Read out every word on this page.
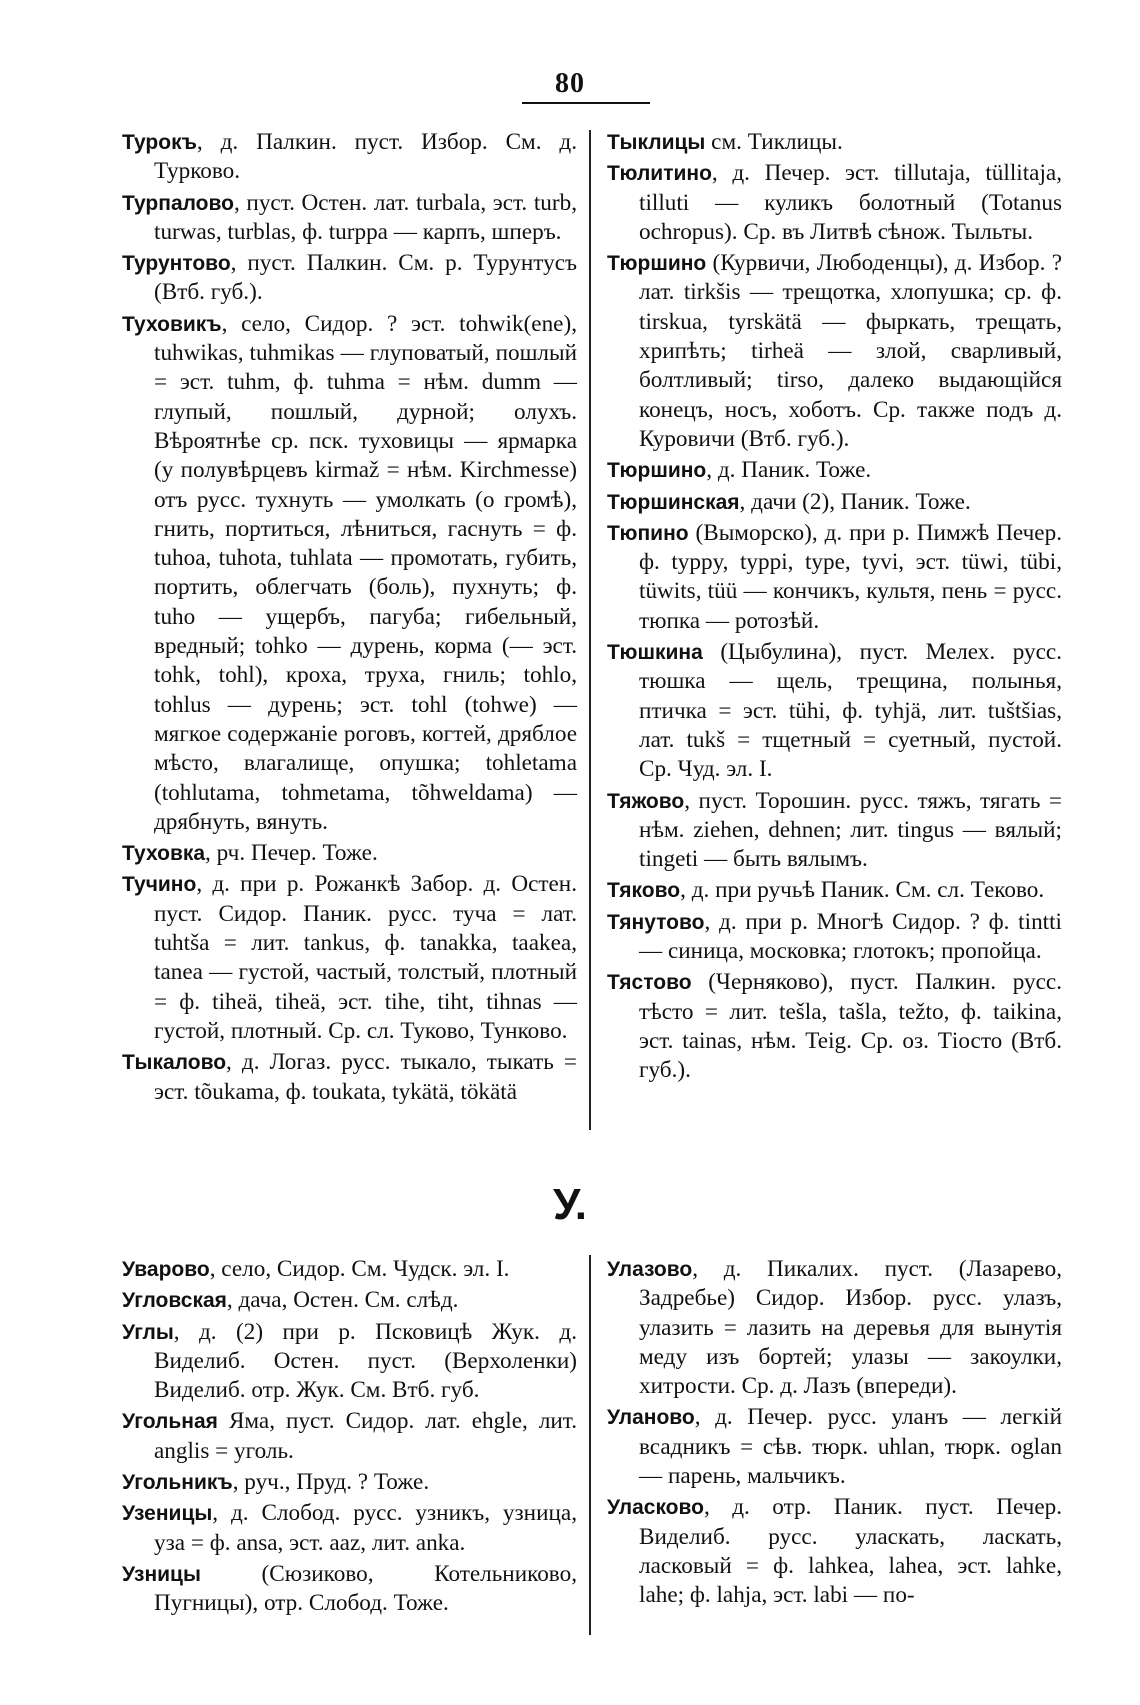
80

Турокъ, д. Палкин. пуст. Избор. См. д. Турково.

Турпалово, пуст. Остен. лат. turbala, эст. turb, turwas, turblas, ф. turppa — карпъ, шперъ.

Турунтово, пуст. Палкин. См. р. Турунтусъ (Втб. губ.).

Туховикъ, село, Сидор. ? эст. tohwik(ene), tuhwikas, tuhmikas — глуповатый, пошлый = эст. tuhm, ф. tuhma = нѣм. dumm — глупый, пошлый, дурной; олухъ. Вѣроятнѣе ср. пск. туховицы — ярмарка (у полувѣрцевъ kirmaž = нѣм. Kirchmesse) отъ русс. тухнуть — умолкать (о громѣ), гнить, портиться, лѣниться, гаснуть = ф. tuhoa, tuhota, tuhlata — промотать, губить, портить, облегчать (боль), пухнуть; ф. tuho — ущербъ, пагуба; гибельный, вредный; tohko — дурень, корма (— эст. tohk, tohl), кроха, труха, гниль; tohlo, tohlus — дурень; эст. tohl (tohwe) — мягкое содержанiе роговъ, когтей, дряблое мѣсто, влагалище, опушка; tohletama (tohlutama, tohmetama, tõhweldama) — дрябнуть, вянуть.

Туховка, рч. Печер. Тоже.

Тучино, д. при р. Рожанкѣ Забор. д. Остен. пуст. Сидор. Паник. русс. туча = лат. tuhtša = лит. tankus, ф. tanakka, taakea, tanea — густой, частый, толстый, плотный = ф. tiheä, tiheä, эст. tihe, tiht, tihnas — густой, плотный. Ср. сл. Туково, Тунково.

Тыкалово, д. Логаз. русс. тыкало, тыкать = эст. tõukama, ф. toukata, tykätä, tökätä

Тыклицы см. Тиклицы.

Тюлитино, д. Печер. эст. tillutaja, tüllitaja, tilluti — куликъ болотный (Totanus ochropus). Ср. въ Литвѣ сѣнож. Тыльты.

Тюршино (Курвичи, Любоденцы), д. Избор. ? лат. tirkšis — трещотка, хлопушка; ср. ф. tirskua, tyrskätä — фыркать, трещать, хрипѣть; tirheä — злой, сварливый, болтливый; tirso, далеко выдающійся конецъ, носъ, хоботъ. Ср. также подъ д. Куровичи (Втб. губ.).

Тюршино, д. Паник. Тоже.

Тюршинская, дачи (2), Паник. Тоже.

Тюпино (Выморско), д. при р. Пимжѣ Печер. ф. typpy, typpi, type, tyvi, эст. tüwi, tübi, tüwits, tüü — кончикъ, культя, пень = русс. тюпка — ротозѣй.

Тюшкина (Цыбулина), пуст. Мелех. русс. тюшка — щель, трещина, полынья, птичка = эст. tühi, ф. tyhjä, лит. tuštšias, лат. tukš = тщетный = суетный, пустой. Ср. Чуд. эл. I.

Тяжово, пуст. Торошин. русс. тяжъ, тягать = нѣм. ziehen, dehnen; лит. tingus — вялый; tingeti — быть вялымъ.

Тяково, д. при ручьѣ Паник. См. сл. Теково.

Тянутово, д. при р. Многѣ Сидор. ? ф. tintti — синица, московка; глотокъ; пропойца.

Тястово (Черняково), пуст. Палкин. русс. тѣсто = лит. tešla, tašla, težto, ф. taikina, эст. tainas, нѣм. Teig. Ср. оз. Тiосто (Втб. губ.).

У.

Уварово, село, Сидор. См. Чудск. эл. I.

Угловская, дача, Остен. См. слѣд.

Углы, д. (2) при р. Псковицѣ Жук. д. Виделиб. Остен. пуст. (Верхоленки) Виделиб. отр. Жук. См. Втб. губ.

Угольная Яма, пуст. Сидор. лат. ehgle, лит. anglis = уголь.

Угольникъ, руч., Пруд. ? Тоже.

Узеницы, д. Слобод. русс. узникъ, узница, уза = ф. ansa, эст. aaz, лит. anka.

Узницы (Сюзиково, Котельниково, Пугницы), отр. Слобод. Тоже.

Улазово, д. Пикалих. пуст. (Лазарево, Задребье) Сидор. Избор. русс. улазъ, улазить = лазить на деревья для вынутія меду изъ бортей; улазы — закоулки, хитрости. Ср. д. Лазъ (впереди).

Уланово, д. Печер. русс. уланъ — легкій всадникъ = сѣв. тюрк. uhlan, тюрк. oglan — парень, мальчикъ.

Уласково, д. отр. Паник. пуст. Печер. Виделиб. русс. уласкать, ласкать, ласковый = ф. lahkea, lahea, эст. lahke, lahe; ф. lahja, эст. labi — по-
